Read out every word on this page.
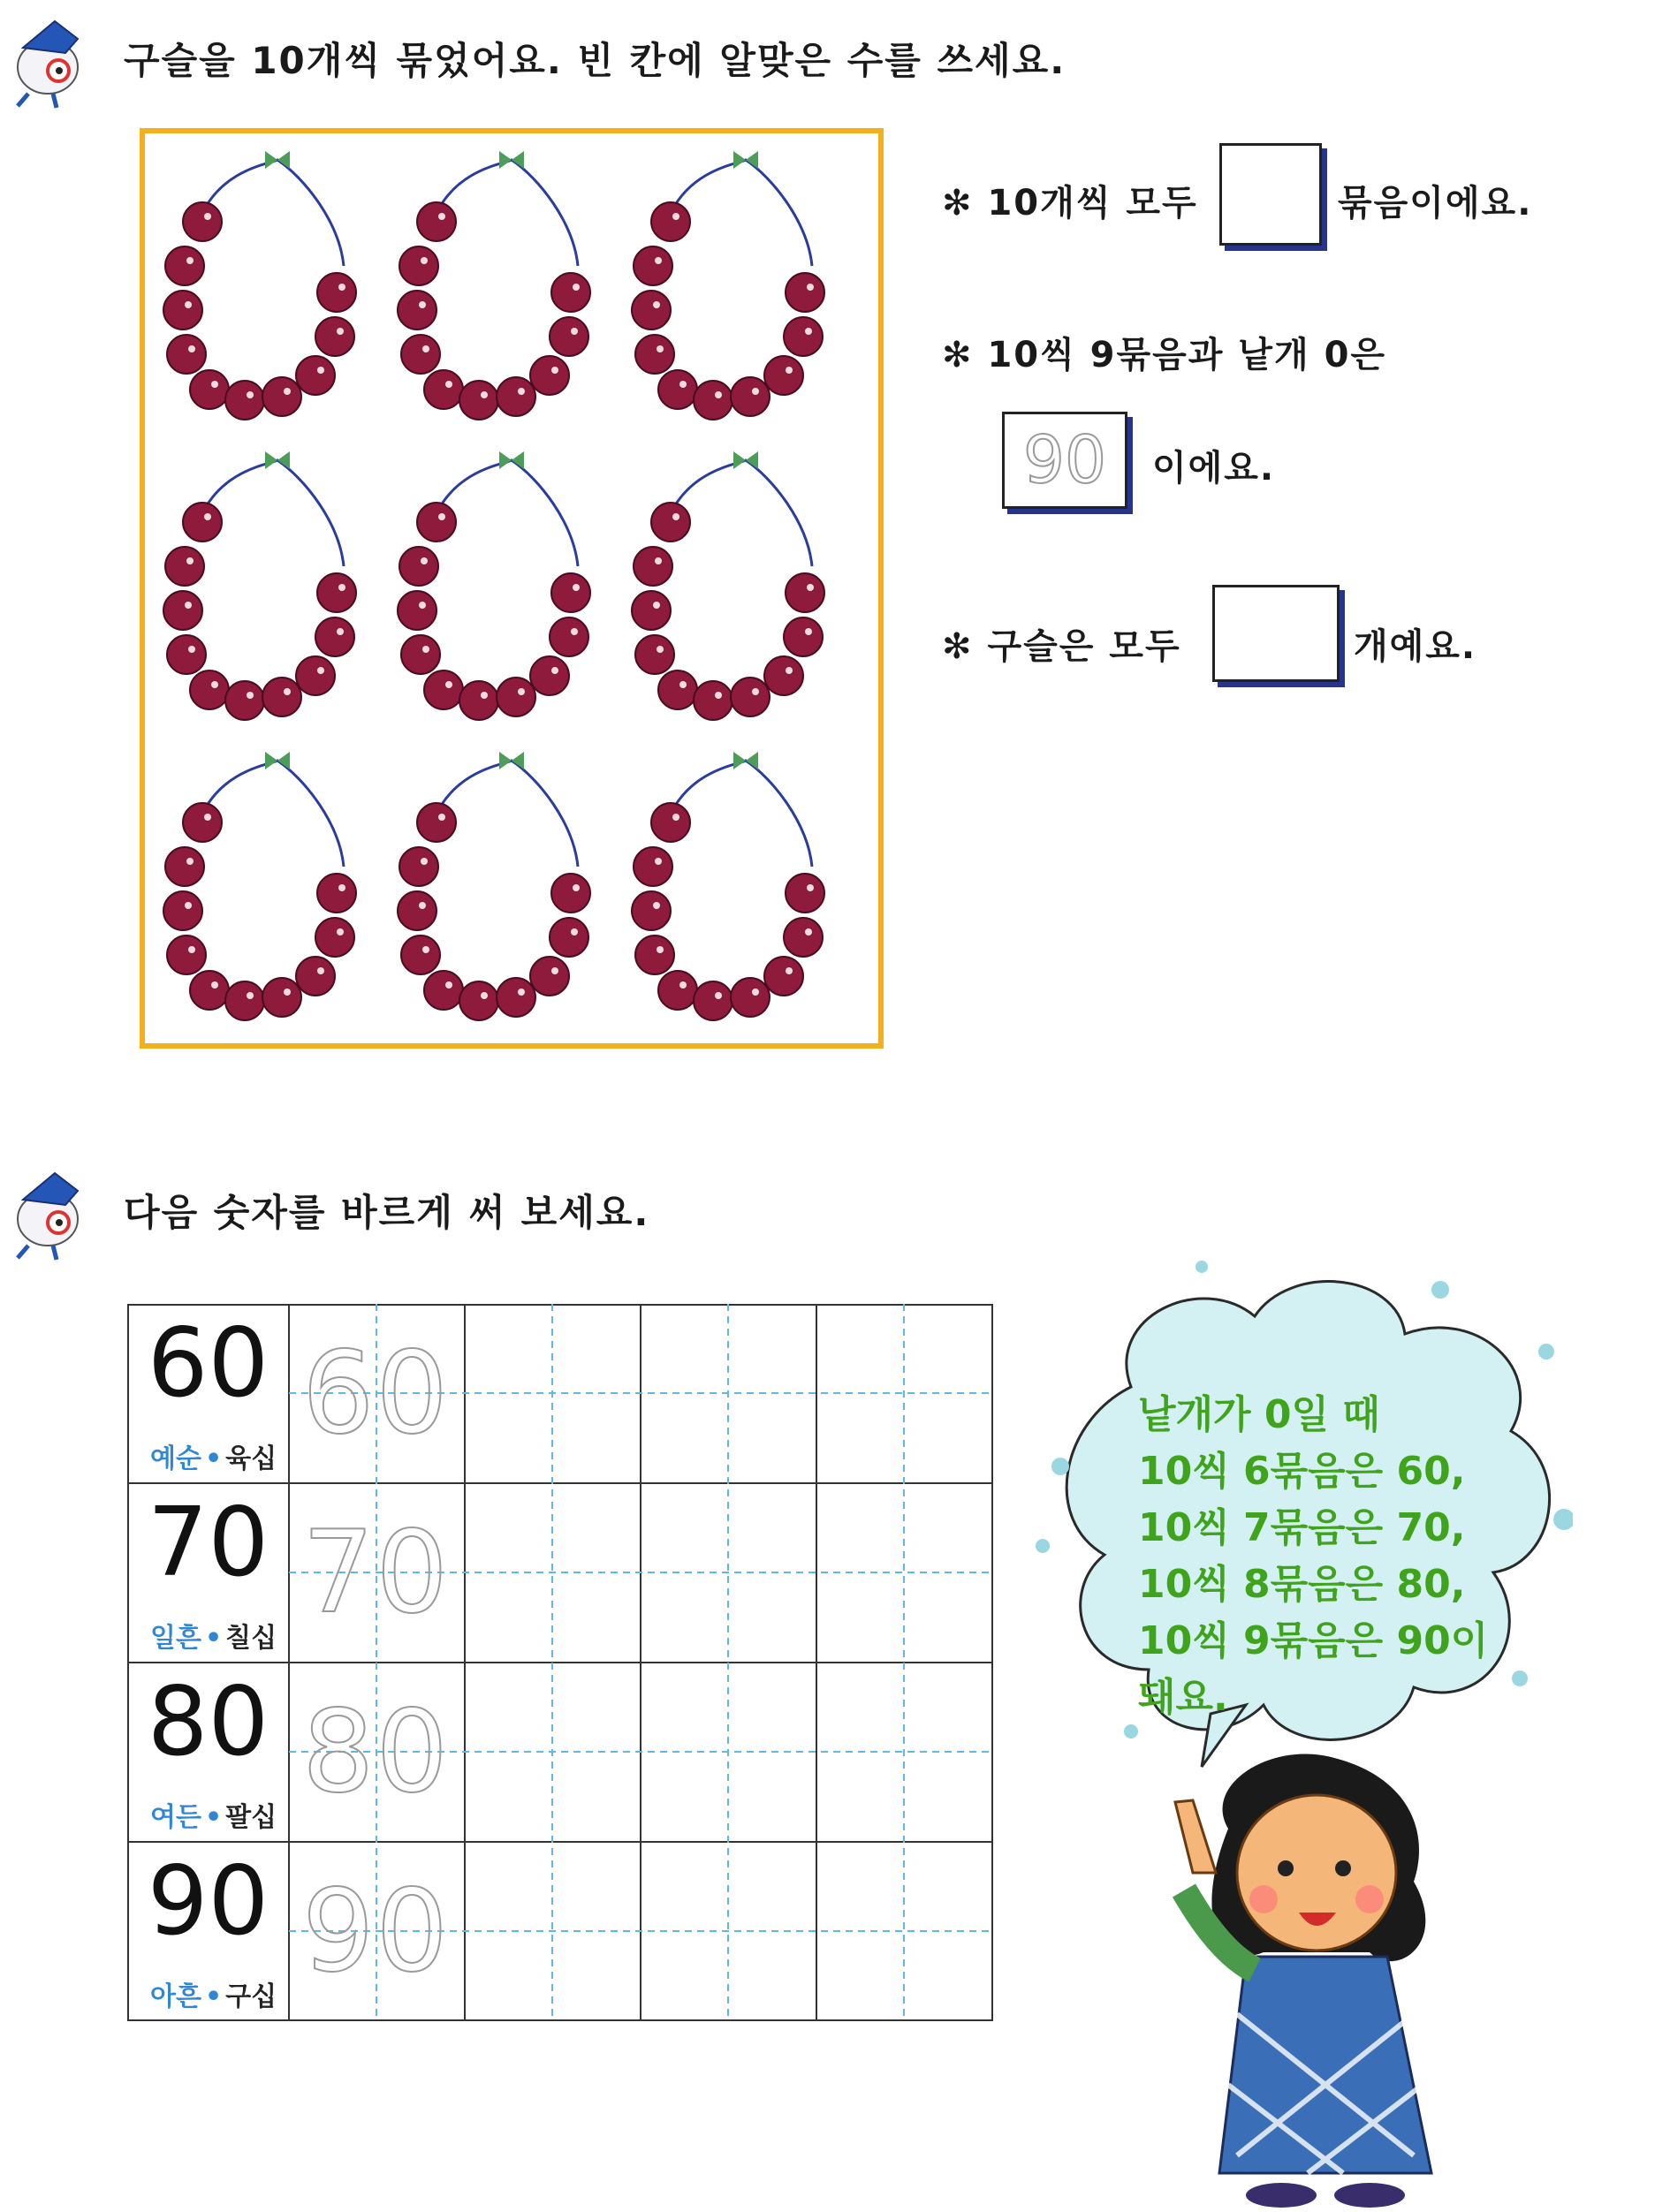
구슬을 10개씩 묶었어요. 빈 칸에 알맞은 수를 쓰세요.
✻ 10개씩 모두	묶음이에요.
✻ 10씩 9묶음과 낱개 0은
90 이에요.
✻ 구슬은 모두	개예요.
다음 숫자를 바르게 써 보세요.
60
예순 • 육십 60
70
일흔 • 칠십 70
80
여든 • 팔십 80
90
아흔 • 구십 90
낱개가 0일 때
10씩 6묶음은 60,
10씩 7묶음은 70,
10씩 8묶음은 80,
10씩 9묶음은 90이
돼요.
